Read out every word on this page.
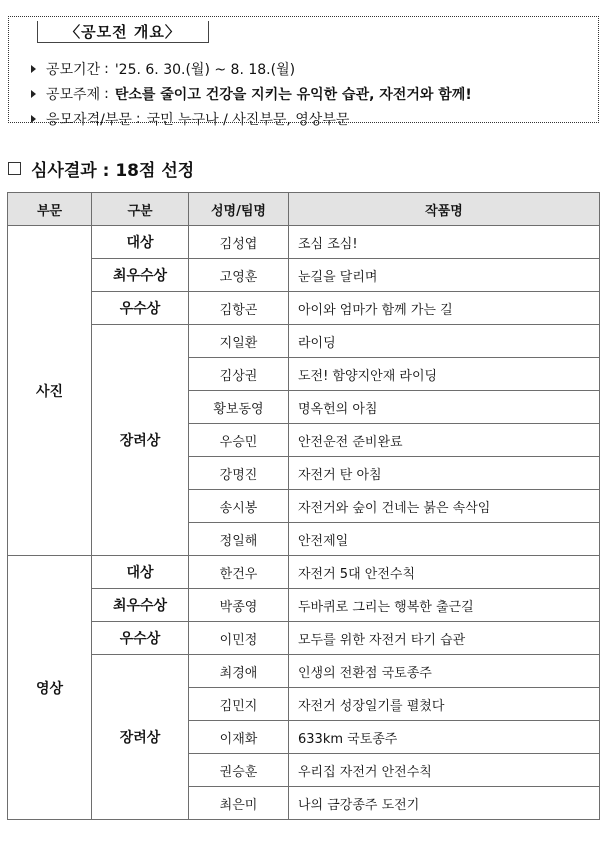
〈공모전 개요〉
공모기간 : '25. 6. 30.(월) ~ 8. 18.(월)
공모주제 : 탄소를 줄이고 건강을 지키는 유익한 습관, 자전거와 함께!
응모자격/부문 : 국민 누구나 / 사진부문, 영상부문
심사결과 : 18점 선정
부문	구분	성명/팀명	작품명
사진	대상	김성엽	조심 조심!
	최우수상	고영훈	눈길을 달리며
	우수상	김항곤	아이와 엄마가 함께 가는 길
	장려상	지일환	라이딩
		김상권	도전! 함양지안재 라이딩
		황보동영	명옥헌의 아침
		우승민	안전운전 준비완료
		강명진	자전거 탄 아침
		송시봉	자전거와 숲이 건네는 붉은 속삭임
		정일해	안전제일
영상	대상	한건우	자전거 5대 안전수칙
	최우수상	박종영	두바퀴로 그리는 행복한 출근길
	우수상	이민정	모두를 위한 자전거 타기 습관
	장려상	최경애	인생의 전환점 국토종주
		김민지	자전거 성장일기를 펼쳤다
		이재화	633km 국토종주
		권승훈	우리집 자전거 안전수칙
		최은미	나의 금강종주 도전기
